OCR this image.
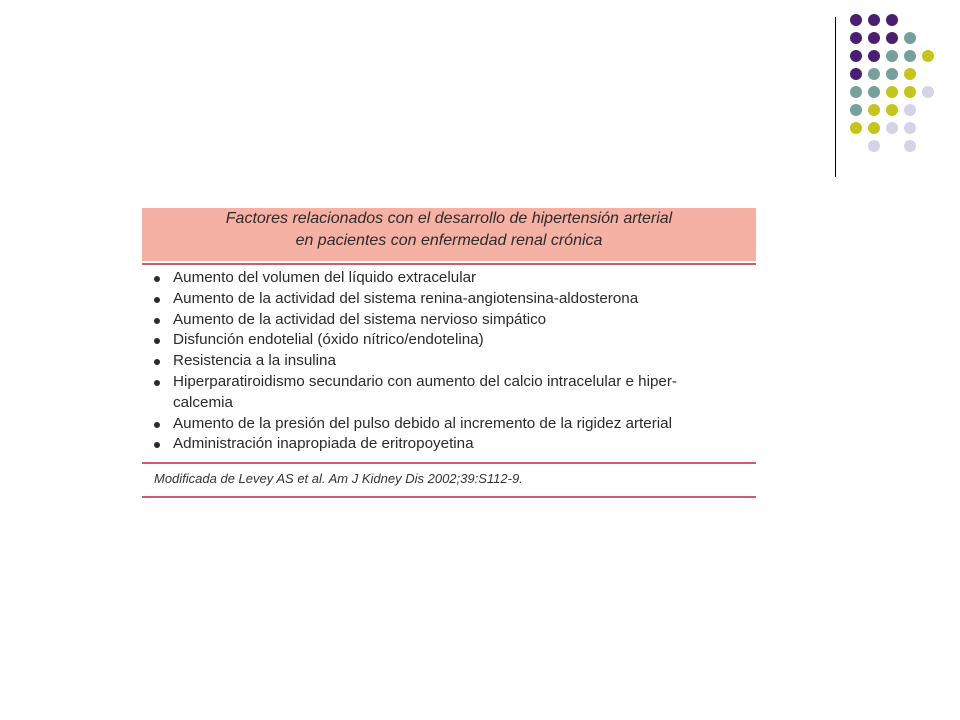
Factores relacionados con el desarrollo de hipertensión arterial
en pacientes con enfermedad renal crónica
Aumento del volumen del líquido extracelular
Aumento de la actividad del sistema renina-angiotensina-aldosterona
Aumento de la actividad del sistema nervioso simpático
Disfunción endotelial (óxido nítrico/endotelina)
Resistencia a la insulina
Hiperparatiroidismo secundario con aumento del calcio intracelular e hiper-
calcemia
Aumento de la presión del pulso debido al incremento de la rigidez arterial
Administración inapropiada de eritropoyetina
Modificada de Levey AS et al. Am J Kidney Dis 2002;39:S112-9.
